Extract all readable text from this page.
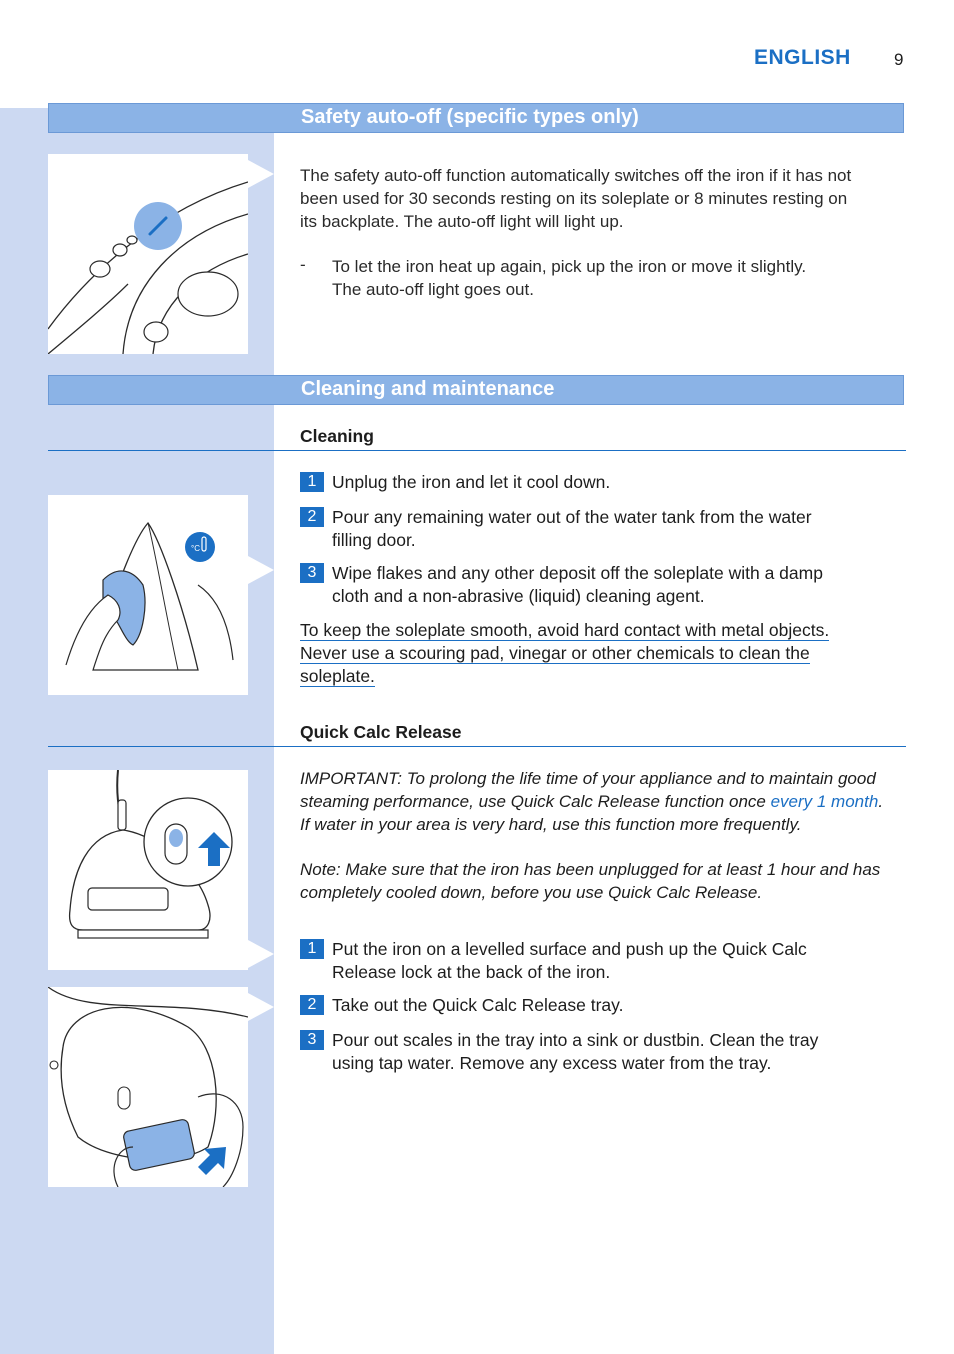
ENGLISH	9
Safety auto-off (specific types only)
The safety auto-off function automatically switches off the iron if it has not
been used for 30 seconds resting on its soleplate or 8 minutes resting on
its backplate. The auto-off light will light up.
- To let the iron heat up again, pick up the iron or move it slightly.
The auto-off light goes out.
Cleaning and maintenance
Cleaning
°C
1 Unplug the iron and let it cool down.
2 Pour any remaining water out of the water tank from the water
filling door.
3 Wipe flakes and any other deposit off the soleplate with a damp
cloth and a non-abrasive (liquid) cleaning agent.
To keep the soleplate smooth, avoid hard contact with metal objects.
Never use a scouring pad, vinegar or other chemicals to clean the
soleplate.
Quick Calc Release
IMPORTANT: To prolong the life time of your appliance and to maintain good
steaming performance, use Quick Calc Release function once every 1 month.
If water in your area is very hard, use this function more frequently.
Note: Make sure that the iron has been unplugged for at least 1 hour and has
completely cooled down, before you use Quick Calc Release.
1 Put the iron on a levelled surface and push up the Quick Calc
Release lock at the back of the iron.
2 Take out the Quick Calc Release tray.
3 Pour out scales in the tray into a sink or dustbin. Clean the tray
using tap water. Remove any excess water from the tray.
